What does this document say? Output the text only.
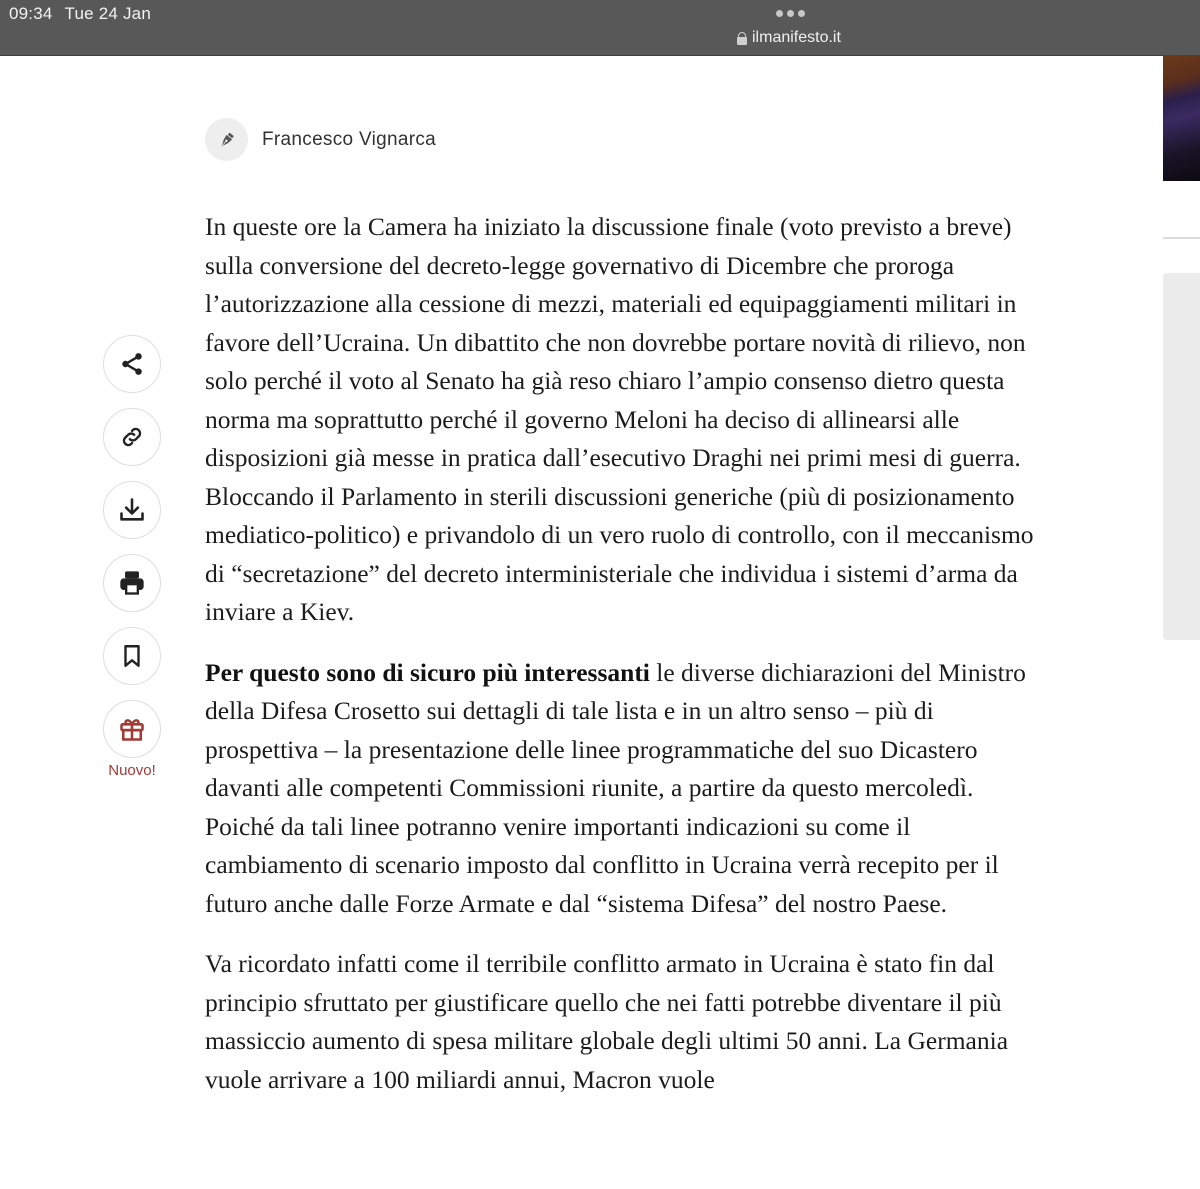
09:34 Tue 24 Jan
ilmanifesto.it
Francesco Vignarca
Nuovo!

In queste ore la Camera ha iniziato la discussione finale (voto previsto a breve) sulla conversione del decreto-legge governativo di Dicembre che proroga l’autorizzazione alla cessione di mezzi, materiali ed equipaggiamenti militari in favore dell’Ucraina. Un dibattito che non dovrebbe portare novità di rilievo, non solo perché il voto al Senato ha già reso chiaro l’ampio consenso dietro questa norma ma soprattutto perché il governo Meloni ha deciso di allinearsi alle disposizioni già messe in pratica dall’esecutivo Draghi nei primi mesi di guerra. Bloccando il Parlamento in sterili discussioni generiche (più di posizionamento mediatico-politico) e privandolo di un vero ruolo di controllo, con il meccanismo di “secretazione” del decreto interministeriale che individua i sistemi d’arma da inviare a Kiev.

Per questo sono di sicuro più interessanti le diverse dichiarazioni del Ministro della Difesa Crosetto sui dettagli di tale lista e in un altro senso – più di prospettiva – la presentazione delle linee programmatiche del suo Dicastero davanti alle competenti Commissioni riunite, a partire da questo mercoledì. Poiché da tali linee potranno venire importanti indicazioni su come il cambiamento di scenario imposto dal conflitto in Ucraina verrà recepito per il futuro anche dalle Forze Armate e dal “sistema Difesa” del nostro Paese.

Va ricordato infatti come il terribile conflitto armato in Ucraina è stato fin dal principio sfruttato per giustificare quello che nei fatti potrebbe diventare il più massiccio aumento di spesa militare globale degli ultimi 50 anni. La Germania vuole arrivare a 100 miliardi annui, Macron vuole
